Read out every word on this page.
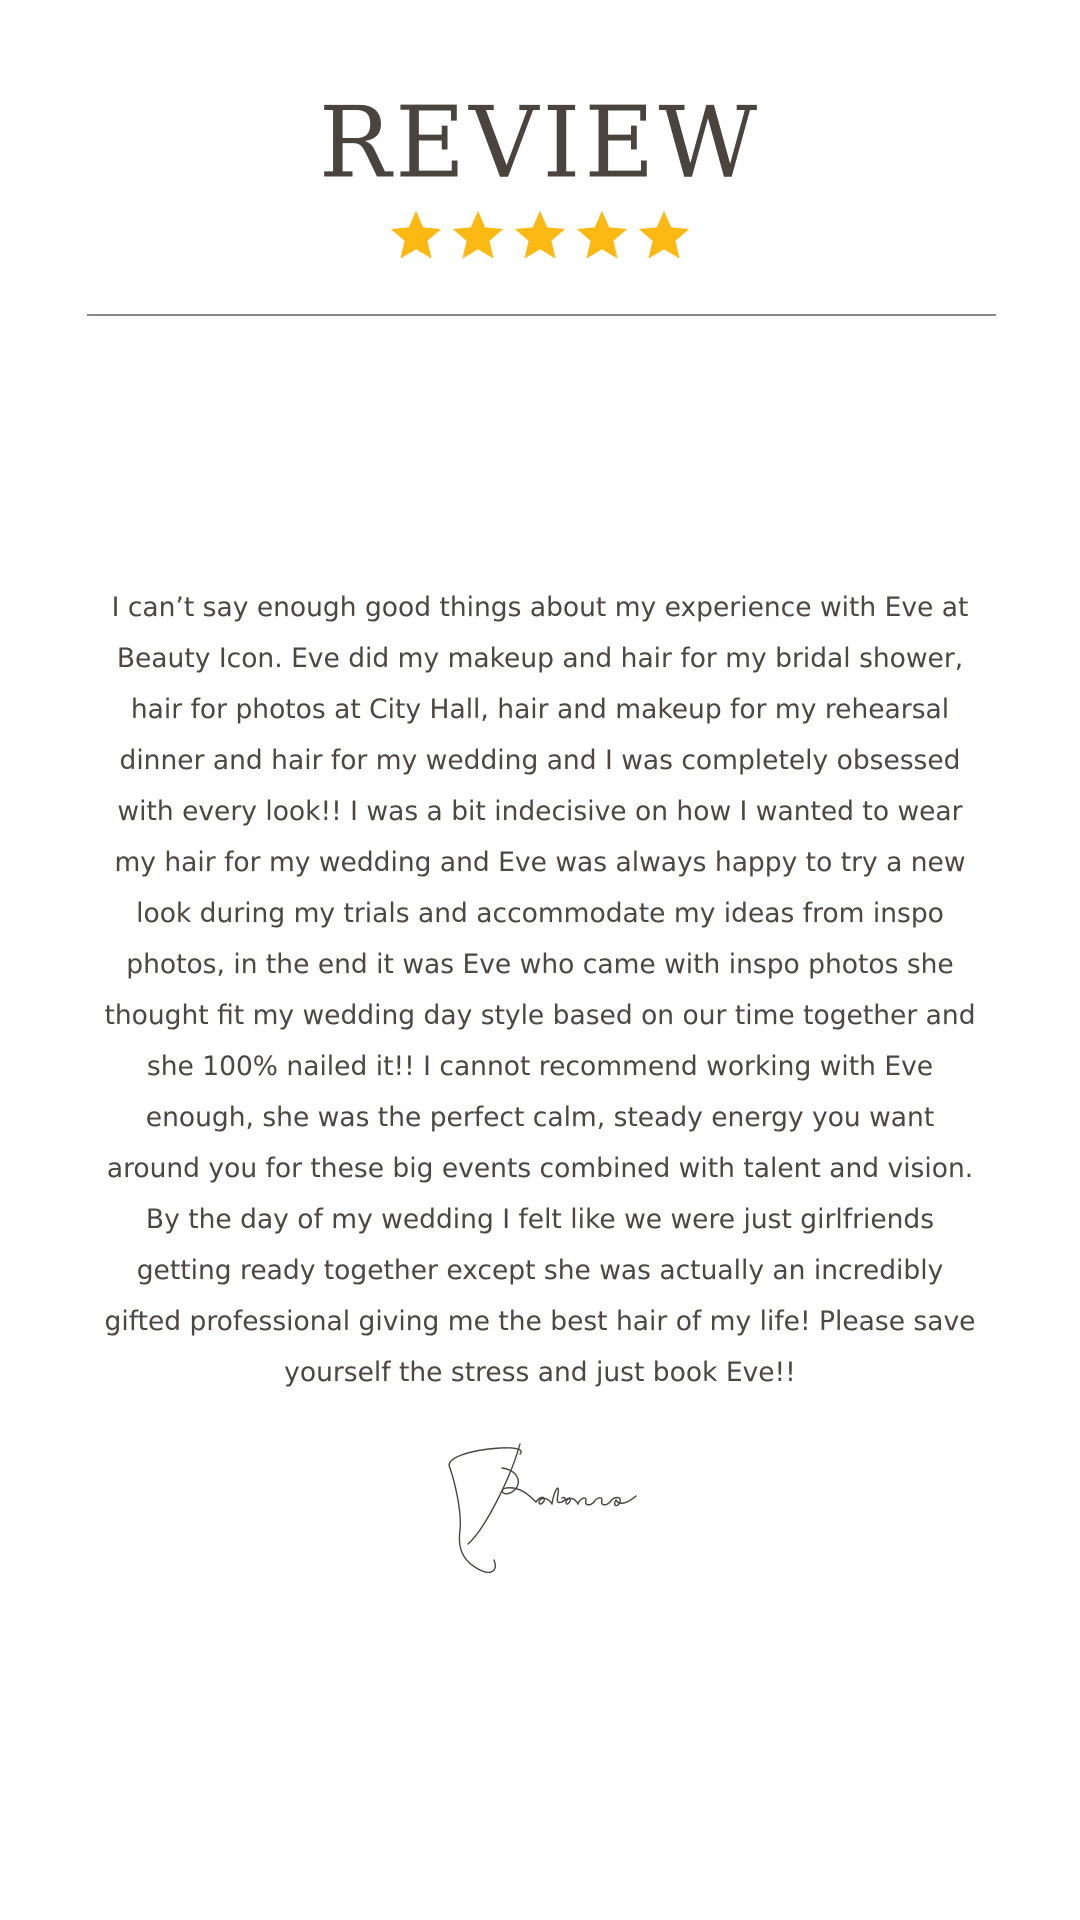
REVIEW

I can’t say enough good things about my experience with Eve at Beauty Icon. Eve did my makeup and hair for my bridal shower, hair for photos at City Hall, hair and makeup for my rehearsal dinner and hair for my wedding and I was completely obsessed with every look!! I was a bit indecisive on how I wanted to wear my hair for my wedding and Eve was always happy to try a new look during my trials and accommodate my ideas from inspo photos, in the end it was Eve who came with inspo photos she thought fit my wedding day style based on our time together and she 100% nailed it!! I cannot recommend working with Eve enough, she was the perfect calm, steady energy you want around you for these big events combined with talent and vision. By the day of my wedding I felt like we were just girlfriends getting ready together except she was actually an incredibly gifted professional giving me the best hair of my life! Please save yourself the stress and just book Eve!!
